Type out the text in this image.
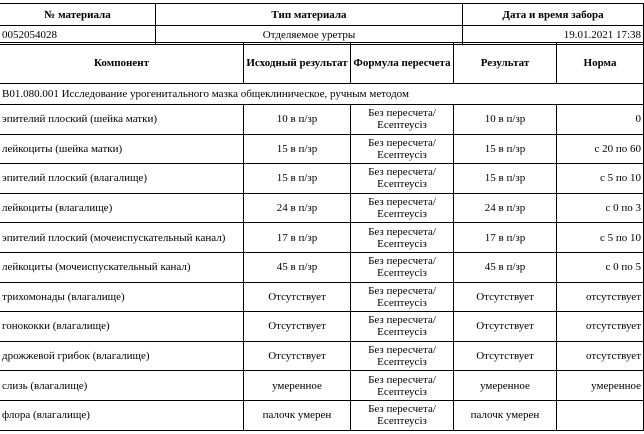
№ материала	Тип материала	Дата и время забора
0052054028	Отделяемое уретры	19.01.2021 17:38
Компонент	Исходный результат	Формула пересчета	Результат	Норма
B01.080.001 Исследование урогенитального мазка общеклиническое, ручным методом				
эпителий плоский (шейка матки)	10 в п/зр	Без пересчета/ Есептеусіз	10 в п/зр	0
лейкоциты (шейка матки)	15 в п/зр	Без пересчета/ Есептеусіз	15 в п/зр	с 20 по 60
эпителий плоский (влагалище)	15 в п/зр	Без пересчета/ Есептеусіз	15 в п/зр	с 5 по 10
лейкоциты (влагалище)	24 в п/зр	Без пересчета/ Есептеусіз	24 в п/зр	с 0 по 3
эпителий плоский (мочеиспускательный канал)	17 в п/зр	Без пересчета/ Есептеусіз	17 в п/зр	с 5 по 10
лейкоциты (мочеиспускательный канал)	45 в п/зр	Без пересчета/ Есептеусіз	45 в п/зр	с 0 по 5
трихомонады (влагалище)	Отсутствует	Без пересчета/ Есептеусіз	Отсутствует	отсутствует
гонококки (влагалище)	Отсутствует	Без пересчета/ Есептеусіз	Отсутствует	отсутствует
дрожжевой грибок (влагалище)	Отсутствует	Без пересчета/ Есептеусіз	Отсутствует	отсутствует
слизь (влагалище)	умеренное	Без пересчета/ Есептеусіз	умеренное	умеренное
флора (влагалище)	палочк умерен	Без пересчета/ Есептеусіз	палочк умерен	
